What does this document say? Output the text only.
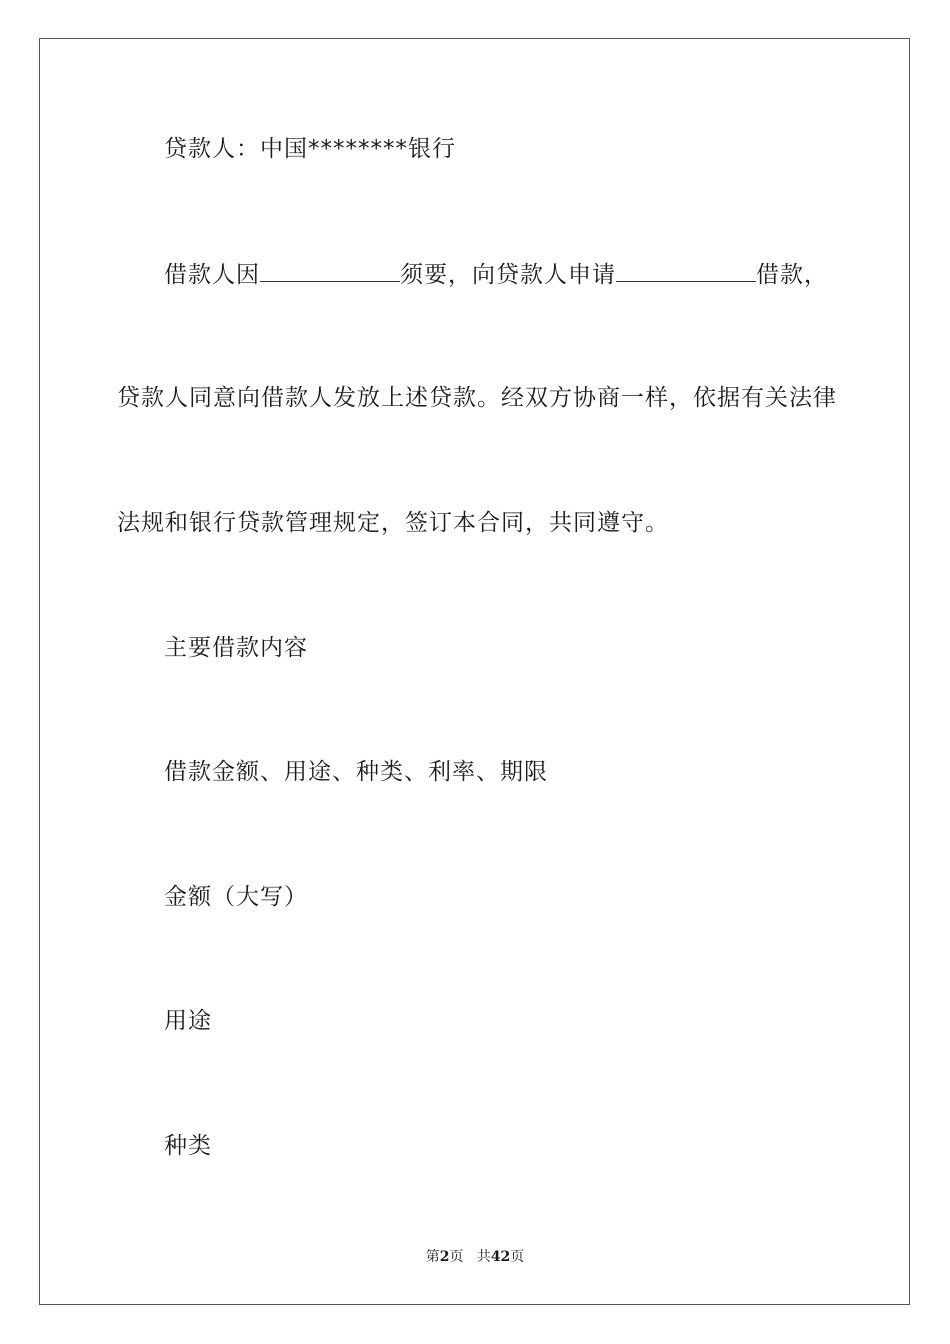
贷款人：中国********银行
借款人因	须要，向贷款人申请	借款，
贷款人同意向借款人发放上述贷款。经双方协商一样，依据有关法律
法规和银行贷款管理规定，签订本合同，共同遵守。
主要借款内容
借款金额、用途、种类、利率、期限
金额（大写）
用途
种类
第2页 共42页
